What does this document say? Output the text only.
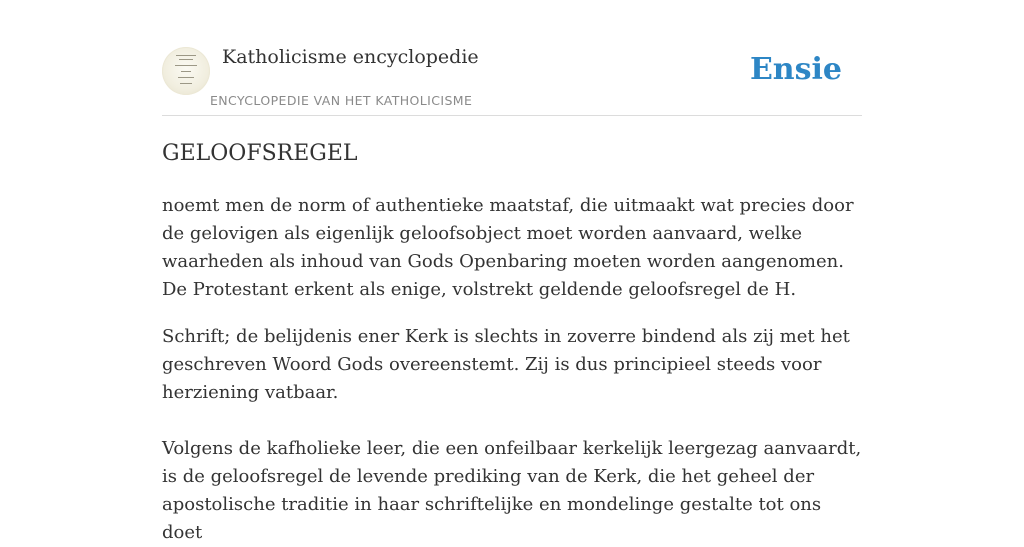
Katholicisme encyclopedie
ENCYCLOPEDIE VAN HET KATHOLICISME
Ensie
GELOOFSREGEL

noemt men de norm of authentieke maatstaf, die uitmaakt wat precies door de gelovigen als eigenlijk geloofsobject moet worden aanvaard, welke waarheden als inhoud van Gods Openbaring moeten worden aangenomen. De Protestant erkent als enige, volstrekt geldende geloofsregel de H.

Schrift; de belijdenis ener Kerk is slechts in zoverre bindend als zij met het geschreven Woord Gods overeenstemt. Zij is dus principieel steeds voor herziening vatbaar.

Volgens de kafholieke leer, die een onfeilbaar kerkelijk leergezag aanvaardt, is de geloofsregel de levende prediking van de Kerk, die het geheel der apostolische traditie in haar schriftelijke en mondelinge gestalte tot ons doet
